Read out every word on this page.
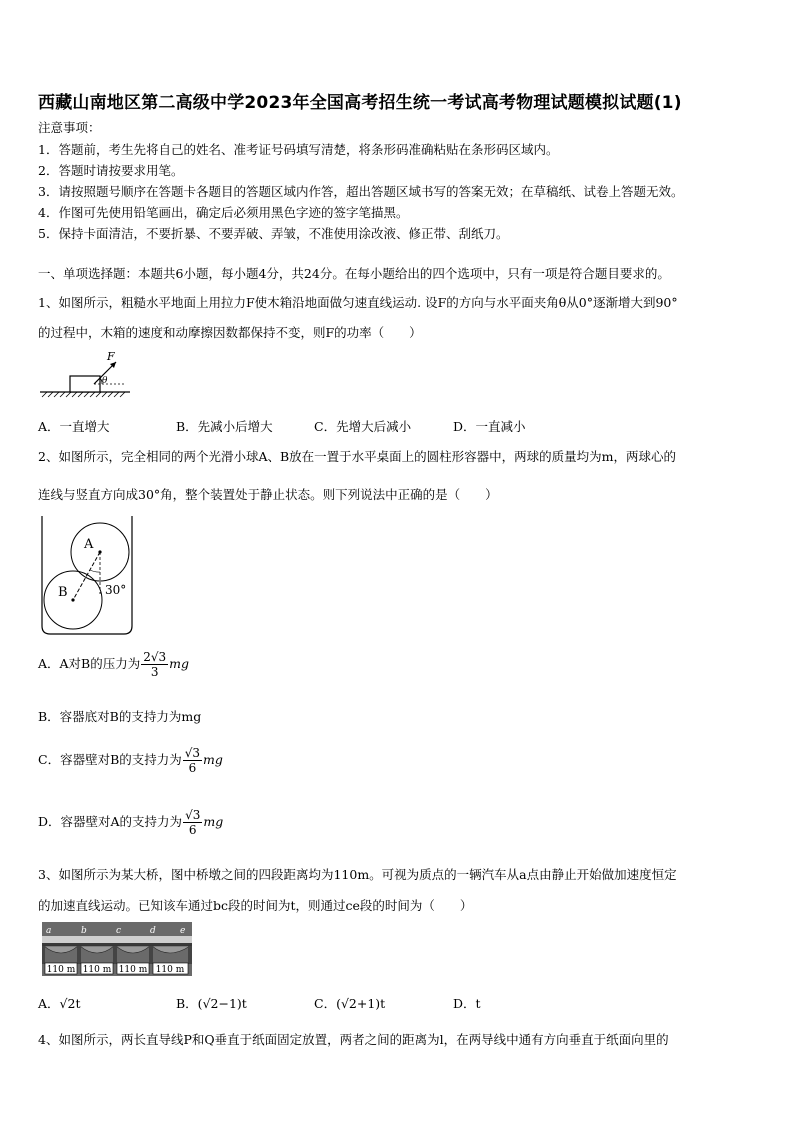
西藏山南地区第二高级中学2023年全国高考招生统一考试高考物理试题模拟试题(1)
注意事项：
1．答题前，考生先将自己的姓名、准考证号码填写清楚，将条形码准确粘贴在条形码区域内。
2．答题时请按要求用笔。
3．请按照题号顺序在答题卡各题目的答题区域内作答，超出答题区域书写的答案无效；在草稿纸、试卷上答题无效。
4．作图可先使用铅笔画出，确定后必须用黑色字迹的签字笔描黑。
5．保持卡面清洁，不要折暴、不要弄破、弄皱，不准使用涂改液、修正带、刮纸刀。
一、单项选择题：本题共6小题，每小题4分，共24分。在每小题给出的四个选项中，只有一项是符合题目要求的。
1、如图所示，粗糙水平地面上用拉力F使木箱沿地面做匀速直线运动. 设F的方向与水平面夹角θ从0°逐渐增大到90°
的过程中，木箱的速度和动摩擦因数都保持不变，则F的功率（　　）
F
θ
A．一直增大	B．先减小后增大	C．先增大后减小	D．一直减小
2、如图所示，完全相同的两个光滑小球A、B放在一置于水平桌面上的圆柱形容器中，两球的质量均为m，两球心的
连线与竖直方向成30°角，整个装置处于静止状态。则下列说法中正确的是（　　）
A
B	30°
A．A对B的压力为 $\frac{2√3}{3}$ mg
B．容器底对B的支持力为mg
C．容器壁对B的支持力为 $\frac{√3}{6}$ mg
D．容器壁对A的支持力为 $\frac{√3}{6}$ mg
3、如图所示为某大桥，图中桥墩之间的四段距离均为110m。可视为质点的一辆汽车从a点由静止开始做加速度恒定
的加速直线运动。已知该车通过bc段的时间为t，则通过ce段的时间为（　　）
110 m 110 m 110 m 110 m
a	b	c	d	e
A．√2t	B．(√2−1)t	C．(√2+1)t	D．t
4、如图所示，两长直导线P和Q垂直于纸面固定放置，两者之间的距离为l，在两导线中通有方向垂直于纸面向里的
